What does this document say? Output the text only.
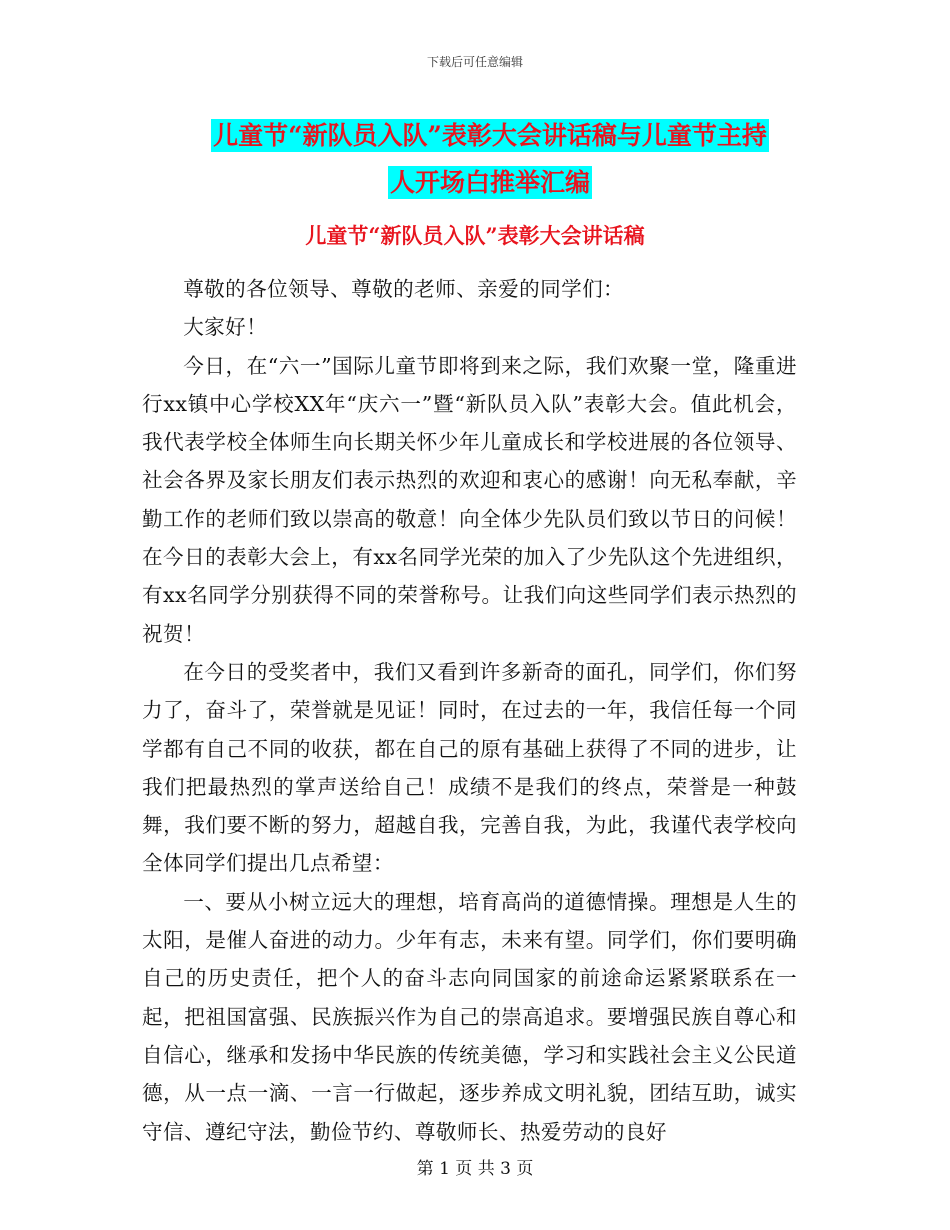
下载后可任意编辑
儿童节“新队员入队”表彰大会讲话稿与儿童节主持
人开场白推举汇编
儿童节“新队员入队”表彰大会讲话稿

尊敬的各位领导、尊敬的老师、亲爱的同学们：

大家好！

今日，在“六一”国际儿童节即将到来之际，我们欢聚一堂，隆重进行xx镇中心学校XX年“庆六一”暨“新队员入队”表彰大会。值此机会，我代表学校全体师生向长期关怀少年儿童成长和学校进展的各位领导、社会各界及家长朋友们表示热烈的欢迎和衷心的感谢！向无私奉献，辛勤工作的老师们致以崇高的敬意！向全体少先队员们致以节日的问候！在今日的表彰大会上，有xx名同学光荣的加入了少先队这个先进组织，有xx名同学分别获得不同的荣誉称号。让我们向这些同学们表示热烈的祝贺！

在今日的受奖者中，我们又看到许多新奇的面孔，同学们，你们努力了，奋斗了，荣誉就是见证！同时，在过去的一年，我信任每一个同学都有自己不同的收获，都在自己的原有基础上获得了不同的进步，让我们把最热烈的掌声送给自己！成绩不是我们的终点，荣誉是一种鼓舞，我们要不断的努力，超越自我，完善自我，为此，我谨代表学校向全体同学们提出几点希望：

一、要从小树立远大的理想，培育高尚的道德情操。理想是人生的太阳，是催人奋进的动力。少年有志，未来有望。同学们，你们要明确自己的历史责任，把个人的奋斗志向同国家的前途命运紧紧联系在一起，把祖国富强、民族振兴作为自己的崇高追求。要增强民族自尊心和自信心，继承和发扬中华民族的传统美德，学习和实践社会主义公民道德，从一点一滴、一言一行做起，逐步养成文明礼貌，团结互助，诚实守信、遵纪守法，勤俭节约、尊敬师长、热爱劳动的良好

第 1 页 共 3 页
